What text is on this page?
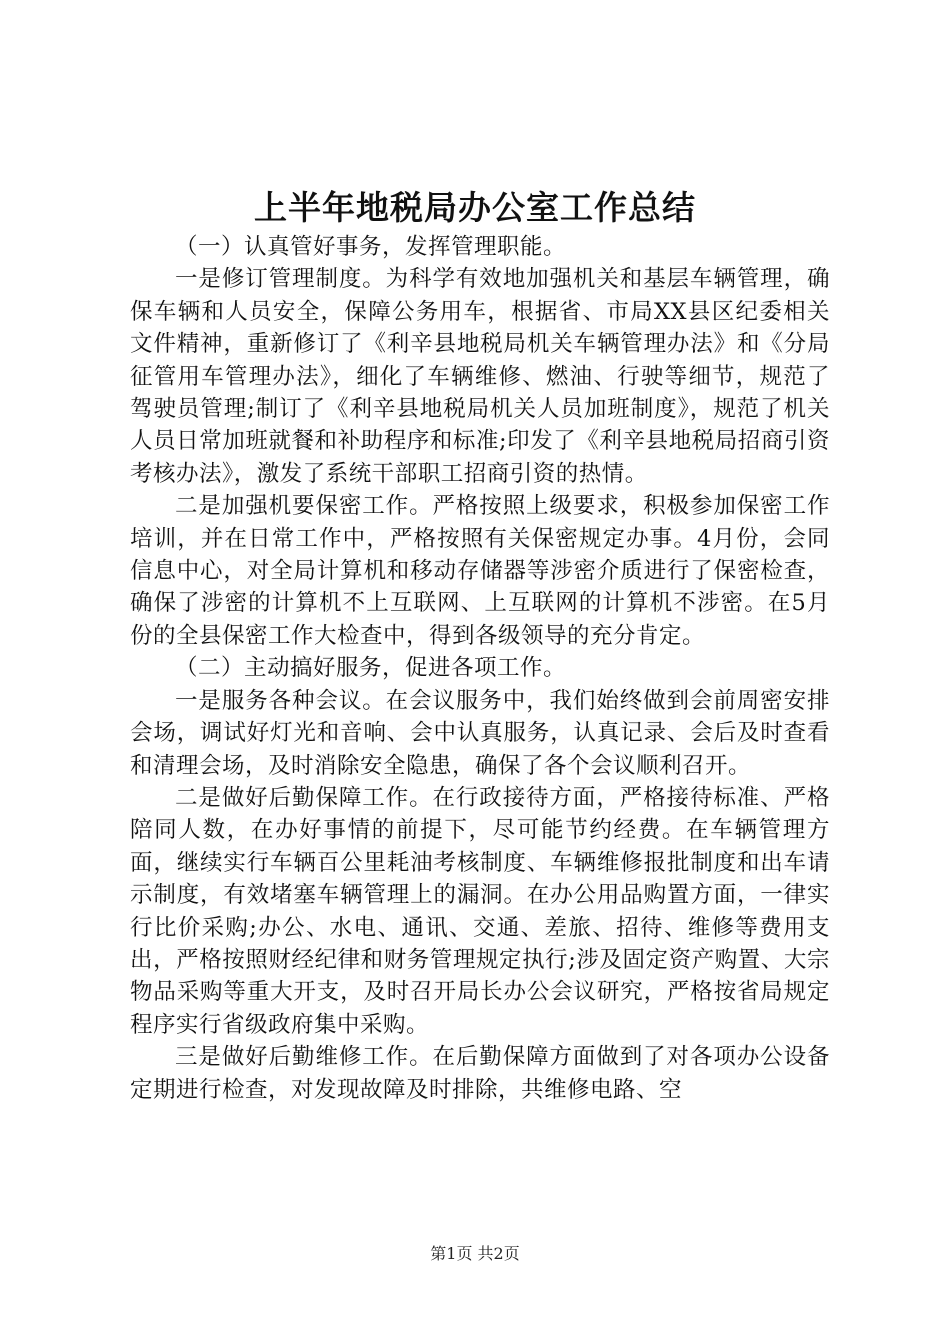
上半年地税局办公室工作总结

（一）认真管好事务，发挥管理职能。

一是修订管理制度。为科学有效地加强机关和基层车辆管理，确保车辆和人员安全，保障公务用车，根据省、市局XX县区纪委相关文件精神，重新修订了《利辛县地税局机关车辆管理办法》和《分局征管用车管理办法》，细化了车辆维修、燃油、行驶等细节，规范了驾驶员管理;制订了《利辛县地税局机关人员加班制度》，规范了机关人员日常加班就餐和补助程序和标准;印发了《利辛县地税局招商引资考核办法》，激发了系统干部职工招商引资的热情。

二是加强机要保密工作。严格按照上级要求，积极参加保密工作培训，并在日常工作中，严格按照有关保密规定办事。4月份，会同信息中心，对全局计算机和移动存储器等涉密介质进行了保密检查，确保了涉密的计算机不上互联网、上互联网的计算机不涉密。在5月份的全县保密工作大检查中，得到各级领导的充分肯定。

（二）主动搞好服务，促进各项工作。

一是服务各种会议。在会议服务中，我们始终做到会前周密安排会场，调试好灯光和音响、会中认真服务，认真记录、会后及时查看和清理会场，及时消除安全隐患，确保了各个会议顺利召开。

二是做好后勤保障工作。在行政接待方面，严格接待标准、严格陪同人数，在办好事情的前提下，尽可能节约经费。在车辆管理方面，继续实行车辆百公里耗油考核制度、车辆维修报批制度和出车请示制度，有效堵塞车辆管理上的漏洞。在办公用品购置方面，一律实行比价采购;办公、水电、通讯、交通、差旅、招待、维修等费用支出，严格按照财经纪律和财务管理规定执行;涉及固定资产购置、大宗物品采购等重大开支，及时召开局长办公会议研究，严格按省局规定程序实行省级政府集中采购。

三是做好后勤维修工作。在后勤保障方面做到了对各项办公设备定期进行检查，对发现故障及时排除，共维修电路、空

第1页 共2页
